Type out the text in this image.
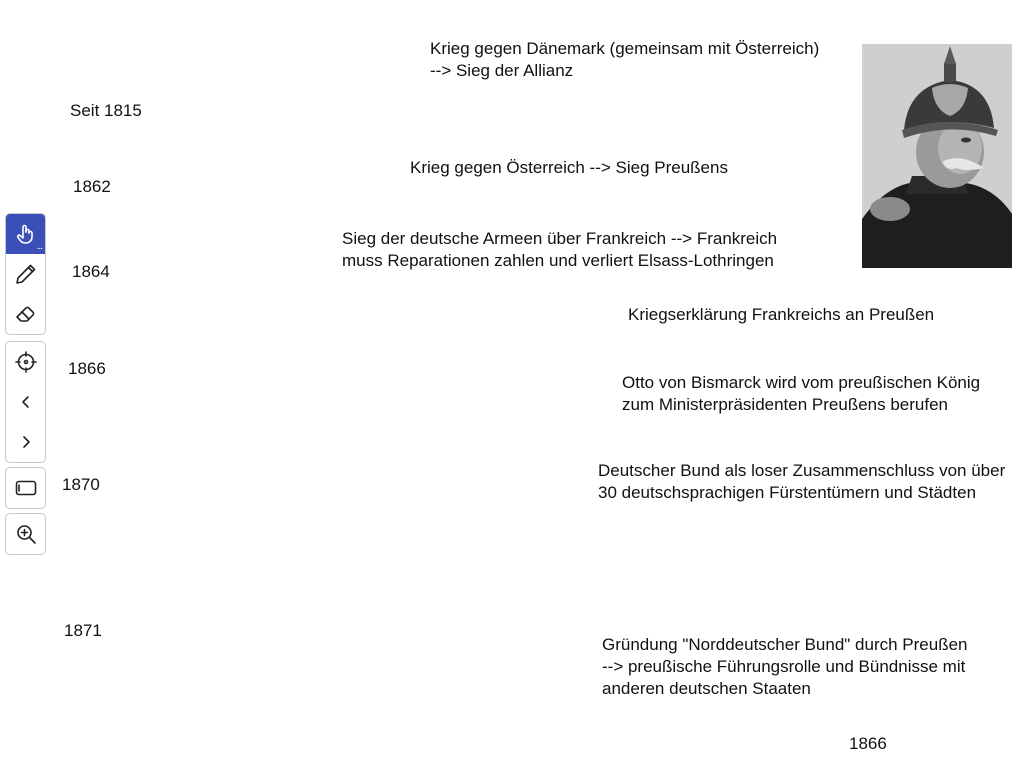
...
Seit 1815
1862
1864
1866
1870
1871
1866
Krieg gegen Dänemark (gemeinsam mit Österreich)
--> Sieg der Allianz
Krieg gegen Österreich --> Sieg Preußens
Sieg der deutsche Armeen über Frankreich --> Frankreich
muss Reparationen zahlen und verliert Elsass-Lothringen
Kriegserklärung Frankreichs an Preußen
Otto von Bismarck wird vom preußischen König
zum Ministerpräsidenten Preußens berufen
Deutscher Bund als loser Zusammenschluss von über
30 deutschsprachigen Fürstentümern und Städten
Gründung "Norddeutscher Bund" durch Preußen
--> preußische Führungsrolle und Bündnisse mit
anderen deutschen Staaten
